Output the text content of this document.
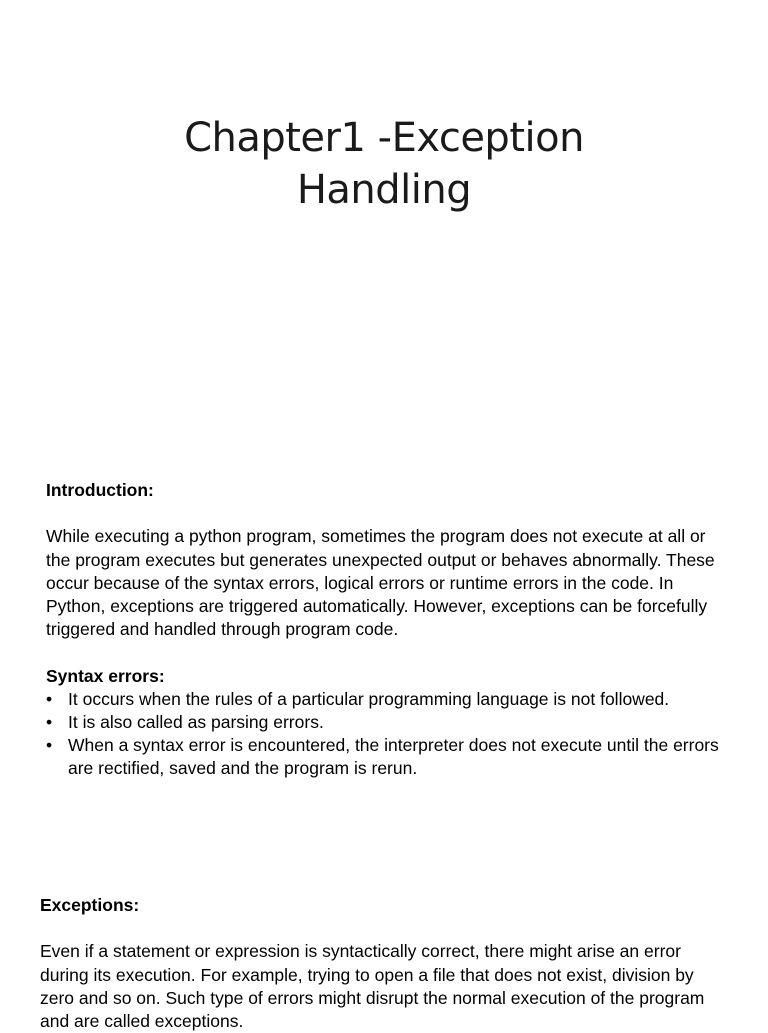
Chapter1 -Exception
Handling

Introduction:

While executing a python program, sometimes the program does not execute at all or the program executes but generates unexpected output or behaves abnormally. These occur because of the syntax errors, logical errors or runtime errors in the code. In Python, exceptions are triggered automatically. However, exceptions can be forcefully triggered and handled through program code.

Syntax errors:

• It occurs when the rules of a particular programming language is not followed.
• It is also called as parsing errors.
• When a syntax error is encountered, the interpreter does not execute until the errors are rectified, saved and the program is rerun.

Exceptions:

Even if a statement or expression is syntactically correct, there might arise an error during its execution. For example, trying to open a file that does not exist, division by zero and so on. Such type of errors might disrupt the normal execution of the program and are called exceptions.
